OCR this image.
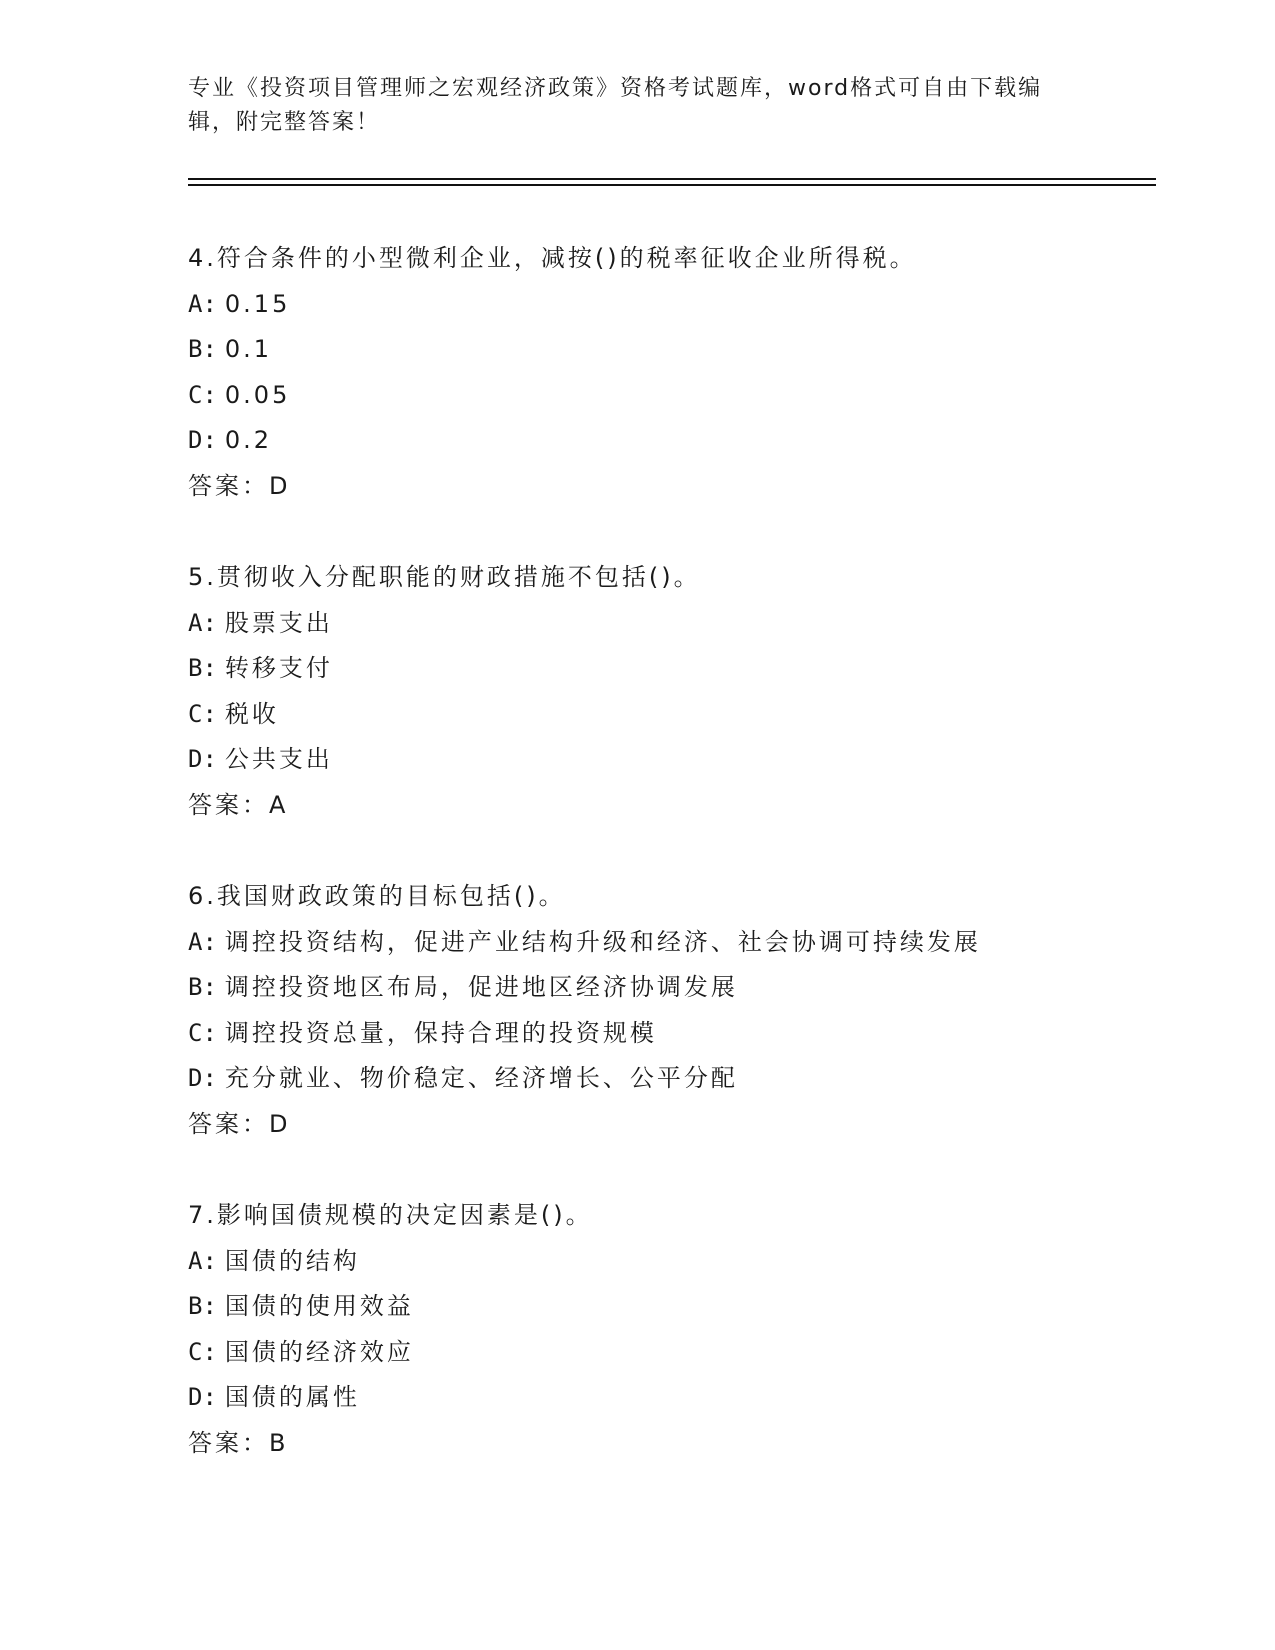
专业《投资项目管理师之宏观经济政策》资格考试题库，word格式可自由下载编辑，附完整答案！
4.符合条件的小型微利企业，减按()的税率征收企业所得税。
A: 0.15
B: 0.1
C: 0.05
D: 0.2
答案：D
5.贯彻收入分配职能的财政措施不包括()。
A: 股票支出
B: 转移支付
C: 税收
D: 公共支出
答案：A
6.我国财政政策的目标包括()。
A: 调控投资结构，促进产业结构升级和经济、社会协调可持续发展
B: 调控投资地区布局，促进地区经济协调发展
C: 调控投资总量，保持合理的投资规模
D: 充分就业、物价稳定、经济增长、公平分配
答案：D
7.影响国债规模的决定因素是()。
A: 国债的结构
B: 国债的使用效益
C: 国债的经济效应
D: 国债的属性
答案：B
